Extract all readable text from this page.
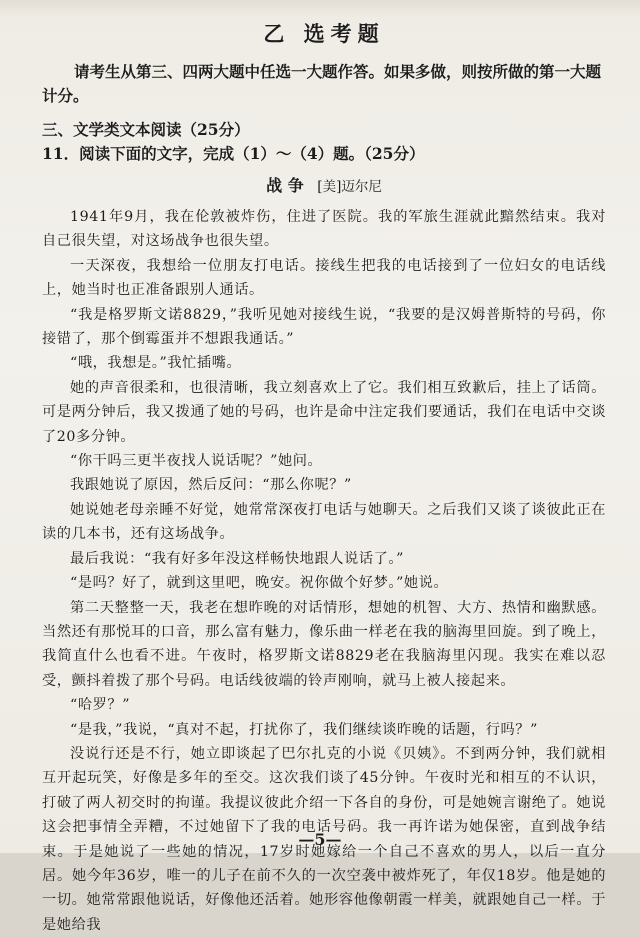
乙 选考题

请考生从第三、四两大题中任选一大题作答。如果多做，则按所做的第一大题计分。

三、文学类文本阅读（25分）

11．阅读下面的文字，完成（1）～（4）题。（25分）

战 争 [美]迈尔尼

1941年9月，我在伦敦被炸伤，住进了医院。我的军旅生涯就此黯然结束。我对自己很失望，对这场战争也很失望。

一天深夜，我想给一位朋友打电话。接线生把我的电话接到了一位妇女的电话线上，她当时也正准备跟别人通话。

“我是格罗斯文诺8829，”我听见她对接线生说，“我要的是汉姆普斯特的号码，你接错了，那个倒霉蛋并不想跟我通话。”

“哦，我想是。”我忙插嘴。

她的声音很柔和，也很清晰，我立刻喜欢上了它。我们相互致歉后，挂上了话筒。可是两分钟后，我又拨通了她的号码，也许是命中注定我们要通话，我们在电话中交谈了20多分钟。

“你干吗三更半夜找人说话呢？”她问。

我跟她说了原因，然后反问：“那么你呢？”

她说她老母亲睡不好觉，她常常深夜打电话与她聊天。之后我们又谈了谈彼此正在读的几本书，还有这场战争。

最后我说：“我有好多年没这样畅快地跟人说话了。”

“是吗？好了，就到这里吧，晚安。祝你做个好梦。”她说。

第二天整整一天，我老在想昨晚的对话情形，想她的机智、大方、热情和幽默感。当然还有那悦耳的口音，那么富有魅力，像乐曲一样老在我的脑海里回旋。到了晚上，我简直什么也看不进。午夜时，格罗斯文诺8829老在我脑海里闪现。我实在难以忍受，颤抖着拨了那个号码。电话线彼端的铃声刚响，就马上被人接起来。

“哈罗？”

“是我，”我说，“真对不起，打扰你了，我们继续谈昨晚的话题，行吗？”

没说行还是不行，她立即谈起了巴尔扎克的小说《贝姨》。不到两分钟，我们就相互开起玩笑，好像是多年的至交。这次我们谈了45分钟。午夜时光和相互的不认识，打破了两人初交时的拘谨。我提议彼此介绍一下各自的身份，可是她婉言谢绝了。她说这会把事情全弄糟，不过她留下了我的电话号码。我一再许诺为她保密，直到战争结束。于是她说了一些她的情况，17岁时她嫁给一个自己不喜欢的男人，以后一直分居。她今年36岁，唯一的儿子在前不久的一次空袭中被炸死了，年仅18岁。他是她的一切。她常常跟他说话，好像他还活着。她形容他像朝霞一样美，就跟她自己一样。于是她给我

—5—
